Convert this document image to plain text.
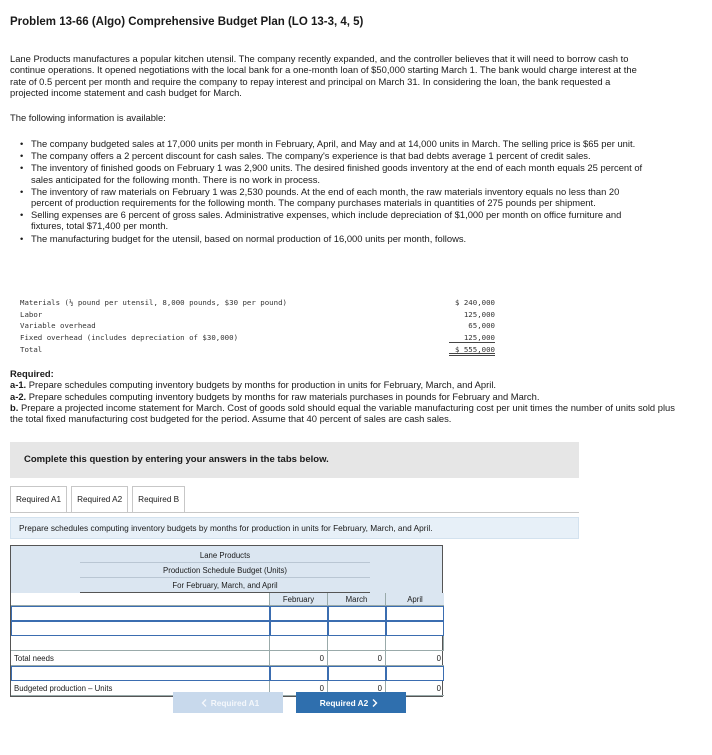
Problem 13-66 (Algo) Comprehensive Budget Plan (LO 13-3, 4, 5)

Lane Products manufactures a popular kitchen utensil. The company recently expanded, and the controller believes that it will need to borrow cash to continue operations. It opened negotiations with the local bank for a one-month loan of $50,000 starting March 1. The bank would charge interest at the rate of 0.5 percent per month and require the company to repay interest and principal on March 31. In considering the loan, the bank requested a projected income statement and cash budget for March.

The following information is available:

• The company budgeted sales at 17,000 units per month in February, April, and May and at 14,000 units in March. The selling price is $65 per unit.
• The company offers a 2 percent discount for cash sales. The company's experience is that bad debts average 1 percent of credit sales.
• The inventory of finished goods on February 1 was 2,900 units. The desired finished goods inventory at the end of each month equals 25 percent of sales anticipated for the following month. There is no work in process.
• The inventory of raw materials on February 1 was 2,530 pounds. At the end of each month, the raw materials inventory equals no less than 20 percent of production requirements for the following month. The company purchases materials in quantities of 275 pounds per shipment.
• Selling expenses are 6 percent of gross sales. Administrative expenses, which include depreciation of $1,000 per month on office furniture and fixtures, total $71,400 per month.
• The manufacturing budget for the utensil, based on normal production of 16,000 units per month, follows.
Materials (½ pound per utensil, 8,000 pounds, $30 per pound)	$ 240,000
Labor	125,000
Variable overhead	65,000
Fixed overhead (includes depreciation of $30,000)	125,000
Total	$ 555,000
Required:
a-1. Prepare schedules computing inventory budgets by months for production in units for February, March, and April.
a-2. Prepare schedules computing inventory budgets by months for raw materials purchases in pounds for February and March.
b. Prepare a projected income statement for March. Cost of goods sold should equal the variable manufacturing cost per unit times the number of units sold plus the total fixed manufacturing cost budgeted for the period. Assume that 40 percent of sales are cash sales.
Complete this question by entering your answers in the tabs below.
Required A1	Required A2	Required B
Prepare schedules computing inventory budgets by months for production in units for February, March, and April.
Lane Products
Production Schedule Budget (Units)
For February, March, and April
February	March	April
Total needs	0	0	0
Budgeted production – Units	0	0	0
Required A1	Required A2
